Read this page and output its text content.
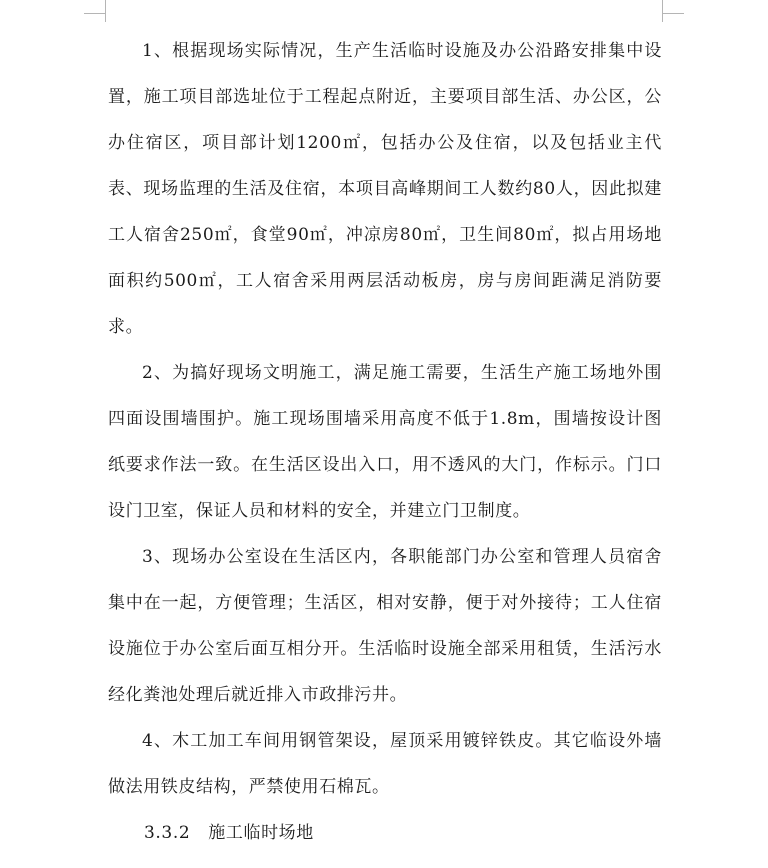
1、根据现场实际情况，生产生活临时设施及办公沿路安排集中设置，施工项目部选址位于工程起点附近，主要项目部生活、办公区，公办住宿区，项目部计划1200㎡，包括办公及住宿，以及包括业主代表、现场监理的生活及住宿，本项目高峰期间工人数约80人，因此拟建工人宿舍250㎡，食堂90㎡，冲凉房80㎡，卫生间80㎡，拟占用场地面积约500㎡，工人宿舍采用两层活动板房，房与房间距满足消防要求。

2、为搞好现场文明施工，满足施工需要，生活生产施工场地外围四面设围墙围护。施工现场围墙采用高度不低于1.8m，围墙按设计图纸要求作法一致。在生活区设出入口，用不透风的大门，作标示。门口设门卫室，保证人员和材料的安全，并建立门卫制度。

3、现场办公室设在生活区内，各职能部门办公室和管理人员宿舍集中在一起，方便管理；生活区，相对安静，便于对外接待；工人住宿设施位于办公室后面互相分开。生活临时设施全部采用租赁，生活污水经化粪池处理后就近排入市政排污井。

4、木工加工车间用钢管架设，屋顶采用镀锌铁皮。其它临设外墙做法用铁皮结构，严禁使用石棉瓦。

3.3.2 施工临时场地
